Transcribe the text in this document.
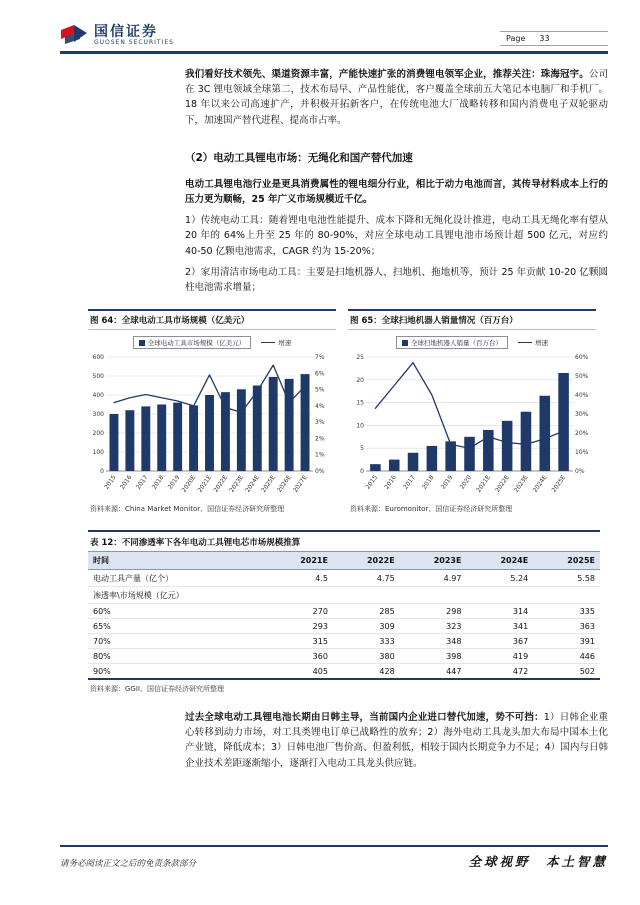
国信证券
GUOSEN SECURITIES	Page 33

我们看好技术领先、渠道资源丰富，产能快速扩张的消费锂电领军企业，推荐关注：珠海冠宇。公司在 3C 锂电领域全球第二，技术布局早、产品性能优，客户覆盖全球前五大笔记本电脑厂和手机厂。18 年以来公司高速扩产，并积极开拓新客户，在传统电池大厂战略转移和国内消费电子双轮驱动下，加速国产替代进程、提高市占率。

（2）电动工具锂电市场：无绳化和国产替代加速

电动工具锂电池行业是更具消费属性的锂电细分行业，相比于动力电池而言，其传导材料成本上行的压力更为顺畅，25 年广义市场规模近千亿。

1）传统电动工具：随着锂电电池性能提升、成本下降和无绳化设计推进，电动工具无绳化率有望从 20 年的 64%上升至 25 年的 80-90%，对应全球电动工具锂电池市场预计超 500 亿元，对应约 40-50 亿颗电池需求，CAGR 约为 15-20%；

2）家用清洁市场电动工具：主要是扫地机器人、扫地机、拖地机等，预计 25 年贡献 10-20 亿颗圆柱电池需求增量；

图 64：全球电动工具市场规模（亿美元）
全球电动工具市场规模（亿美元）	增速
0
100
200
300
400
500
600
0%
1%
2%
3%
4%
5%
6%
7%
2015 2016 2017 2018 2019 2020E 2021E 2022E 2023E 2024E 2025E 2026E 2027E
资料来源：China Market Monitor、国信证券经济研究所整理
图 65：全球扫地机器人销量情况（百万台）
全球扫地机器人销量（百万台）	增速
0
5
10
15
20
25
0%
10%
20%
30%
40%
50%
60%
2015 2016 2017 2018 2019 2020 2021E 2022E 2023E 2024E 2025E
资料来源：Euromonitor、国信证券经济研究所整理
表 12：不同渗透率下各年电动工具锂电芯市场规模推算
时间	2021E	2022E	2023E	2024E	2025E
电动工具产量（亿个）	4.5	4.75	4.97	5.24	5.58
渗透率\市场规模（亿元）					
60%	270	285	298	314	335
65%	293	309	323	341	363
70%	315	333	348	367	391
80%	360	380	398	419	446
90%	405	428	447	472	502
资料来源：GGII、国信证券经济研究所整理

过去全球电动工具锂电池长期由日韩主导，当前国内企业进口替代加速，势不可挡：1）日韩企业重心转移到动力市场，对工具类锂电订单已战略性的放弃；2）海外电动工具龙头加大布局中国本土化产业链，降低成本；3）日韩电池厂售价高、但盈利低，相较于国内长期竞争力不足；4）国内与日韩企业技术差距逐渐缩小，逐渐打入电动工具龙头供应链。

请务必阅读正文之后的免责条款部分	全球视野　本土智慧
